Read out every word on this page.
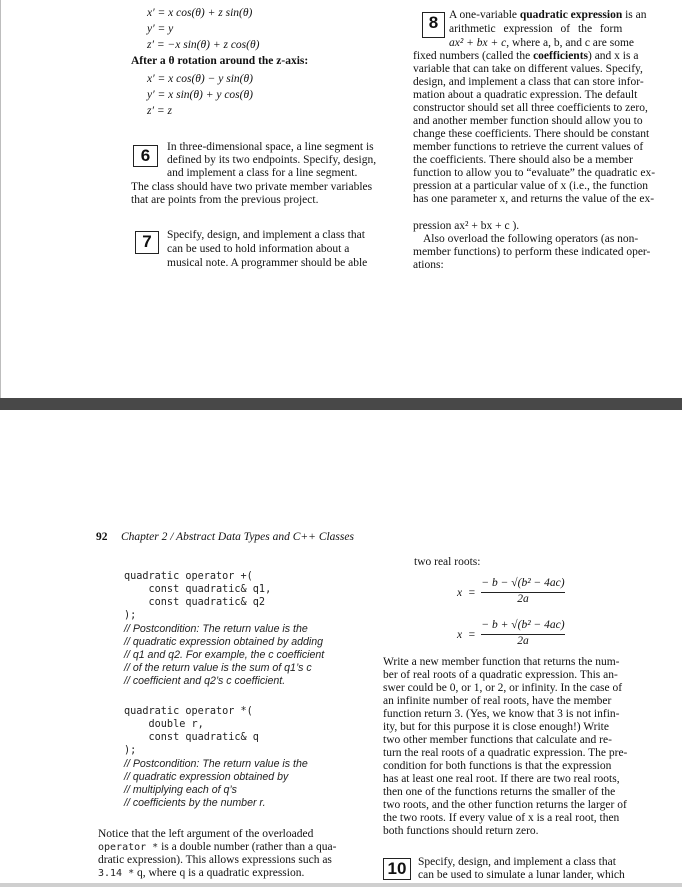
x′ = x cos(θ) + z sin(θ)
y′ = y
z′ = −x sin(θ) + z cos(θ)
After a θ rotation around the z-axis:
x′ = x cos(θ) − y sin(θ)
y′ = x sin(θ) + y cos(θ)
z′ = z
6	In three-dimensional space, a line segment is
defined by its two endpoints. Specify, design,
and implement a class for a line segment.
The class should have two private member variables
that are points from the previous project.
7	Specify, design, and implement a class that
can be used to hold information about a
musical note. A programmer should be able
8 A one-variable quadratic expression is an
arithmetic expression of the form
ax² + bx + c, where a, b, and c are some
fixed numbers (called the coefficients) and x is a
variable that can take on different values. Specify,
design, and implement a class that can store infor-
mation about a quadratic expression. The default
constructor should set all three coefficients to zero,
and another member function should allow you to
change these coefficients. There should be constant
member functions to retrieve the current values of
the coefficients. There should also be a member
function to allow you to “evaluate” the quadratic ex-
pression at a particular value of x (i.e., the function
has one parameter x, and returns the value of the ex-
pression ax² + bx + c ).
Also overload the following operators (as non-
member functions) to perform these indicated oper-
ations:
92 Chapter 2 / Abstract Data Types and C++ Classes
quadratic operator +(
const quadratic& q1,
const quadratic& q2
);
// Postcondition: The return value is the
// quadratic expression obtained by adding
// q1 and q2. For example, the c coefficient
// of the return value is the sum of q1’s c
// coefficient and q2’s c coefficient.
quadratic operator *(
double r,
const quadratic& q
);
// Postcondition: The return value is the
// quadratic expression obtained by
// multiplying each of q’s
// coefficients by the number r.
Notice that the left argument of the overloaded
operator * is a double number (rather than a qua-
dratic expression). This allows expressions such as
3.14 * q, where q is a quadratic expression.
two real roots:
x  =
− b − √(b² − 4ac)
2a
x  =
− b + √(b² − 4ac)
2a
Write a new member function that returns the num-
ber of real roots of a quadratic expression. This an-
swer could be 0, or 1, or 2, or infinity. In the case of
an infinite number of real roots, have the member
function return 3. (Yes, we know that 3 is not infin-
ity, but for this purpose it is close enough!) Write
two other member functions that calculate and re-
turn the real roots of a quadratic expression. The pre-
condition for both functions is that the expression
has at least one real root. If there are two real roots,
then one of the functions returns the smaller of the
two roots, and the other function returns the larger of
the two roots. If every value of x is a real root, then
both functions should return zero.
10	Specify, design, and implement a class that
can be used to simulate a lunar lander, which
